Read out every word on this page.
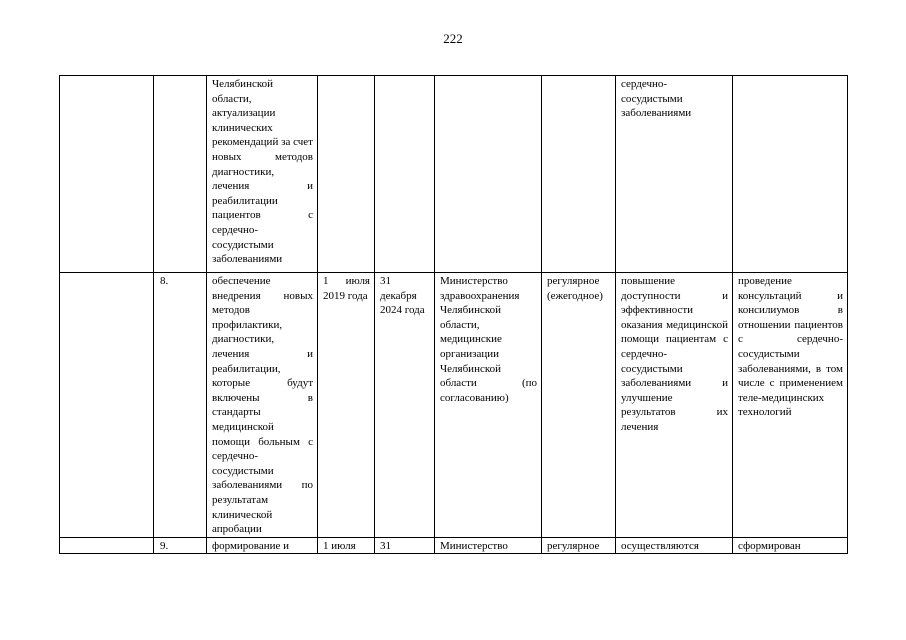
222
		Челябинской области, актуализации клинических рекомендаций за счет новых методов диагностики, лечения и реабилитации пациентов с сердечно-сосудистыми заболеваниями					сердечно-сосудистыми заболеваниями	
	8.	обеспечение внедрения новых методов профилактики, диагностики, лечения и реабилитации, которые будут включены в стандарты медицинской помощи больным с сердечно-сосудистыми заболеваниями по результатам клинической апробации	1 июля 2019 года	31 декабря 2024 года	Министерство здравоохранения Челябинской области, медицинские организации Челябинской области (по согласованию)	регулярное (ежегодное)	повышение доступности и эффективности оказания медицинской помощи пациентам с сердечно-сосудистыми заболеваниями и улучшение результатов их лечения	проведение консультаций и консилиумов в отношении пациентов с сердечно-сосудистыми заболеваниями, в том числе с применением теле-медицинских технологий
	9.	формирование и	1 июля	31	Министерство	регулярное	осуществляются	сформирован
